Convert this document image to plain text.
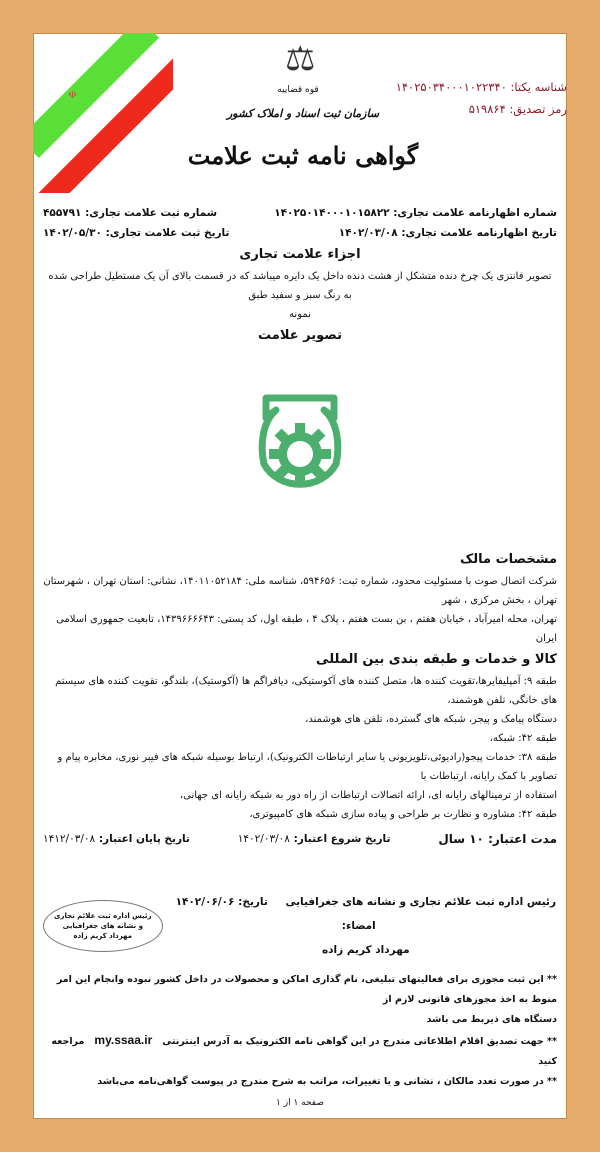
☫
⚖
قوه قضاییه
سازمان ثبت اسناد و املاک کشور
گواهی نامه ثبت علامت
شناسه یکتا: ۱۴۰۲۵۰۳۴۰۰۰۱۰۲۲۳۴۰
رمز تصدیق: ۵۱۹۸۶۴
شماره اظهارنامه علامت تجاری: ۱۴۰۲۵۰۱۴۰۰۰۱۰۱۵۸۲۲
شماره ثبت علامت تجاری: ۴۵۵۷۹۱
تاریخ اظهارنامه علامت تجاری: ۱۴۰۲/۰۳/۰۸
تاریخ ثبت علامت تجاری: ۱۴۰۲/۰۵/۳۰
اجزاء علامت تجاری
تصویر فانتزی یک چرخ دنده متشکل از هشت دنده داخل یک دایره میباشد که در قسمت بالای آن یک مستطیل طراحی شده به رنگ سبز و سفید طبق
نمونه
تصویر علامت
مشخصات مالک
شرکت اتصال صوت با مسئولیت محدود، شماره ثبت: ۵۹۴۶۵۶، شناسه ملی: ۱۴۰۱۱۰۵۲۱۸۴، نشانی: استان تهران ، شهرستان تهران ، بخش مرکزی ، شهر
تهران، محله امیرآباد ، خیابان هفتم ، بن بست هفتم ، پلاک ۴ ، طبقه اول، کد پستی: ۱۴۳۹۶۶۶۶۴۳، تابعیت جمهوری اسلامی ایران
کالا و خدمات و طبقه بندی بین المللی
طبقه ۹: آمپلیفایرها،تقویت کننده ها، متصل کننده های آکوستیکی، دیافراگم ها (آکوستیک)، بلندگو، تقویت کننده های سیستم های خانگی، تلفن هوشمند،
دستگاه پیامک و پیجر، شبکه های گسترده، تلفن های هوشمند،
طبقه ۴۲: شبکه،
طبقه ۳۸: خدمات پیجو(رادیوئی،تلویزیونی یا سایر ارتباطات الکترونیک)، ارتباط بوسیله شبکه های فیبر نوری، مخابره پیام و تصاویر با کمک رایانه، ارتباطات با
استفاده از ترمینالهای رایانه ای، ارائه اتصالات ارتباطات از راه دور به شبکه رایانه ای جهانی،
طبقه ۴۲: مشاوره و نظارت بر طراحی و پیاده سازی شبکه های کامپیوتری،
مدت اعتبار: ۱۰ سال
تاریخ شروع اعتبار: ۱۴۰۲/۰۳/۰۸
تاریخ پایان اعتبار: ۱۴۱۲/۰۳/۰۸
رئیس اداره ثبت علائم تجاری و نشانه های جغرافیایی تاریخ: ۱۴۰۲/۰۶/۰۶ امضاء:
مهرداد کریم زاده
رئیس اداره ثبت علائم تجاری
و نشانه های جغرافیایی
مهرداد کریم زاده
** این ثبت مجوزی برای فعالیتهای تبلیغی، نام گذاری اماکن و محصولات در داخل کشور نبوده وانجام این امر منوط به اخذ مجوزهای قانونی لازم از
دستگاه های ذیربط می باشد
** جهت تصدیق اقلام اطلاعاتی مندرج در این گواهی نامه الکترونیک به آدرس اینترنتیmy.ssaa.irمراجعه کنید
** در صورت تعدد مالکان ، نشانی و یا تغییرات، مراتب به شرح مندرج در پیوست گواهی‌نامه می‌باشد
صفحه ۱ از ۱
